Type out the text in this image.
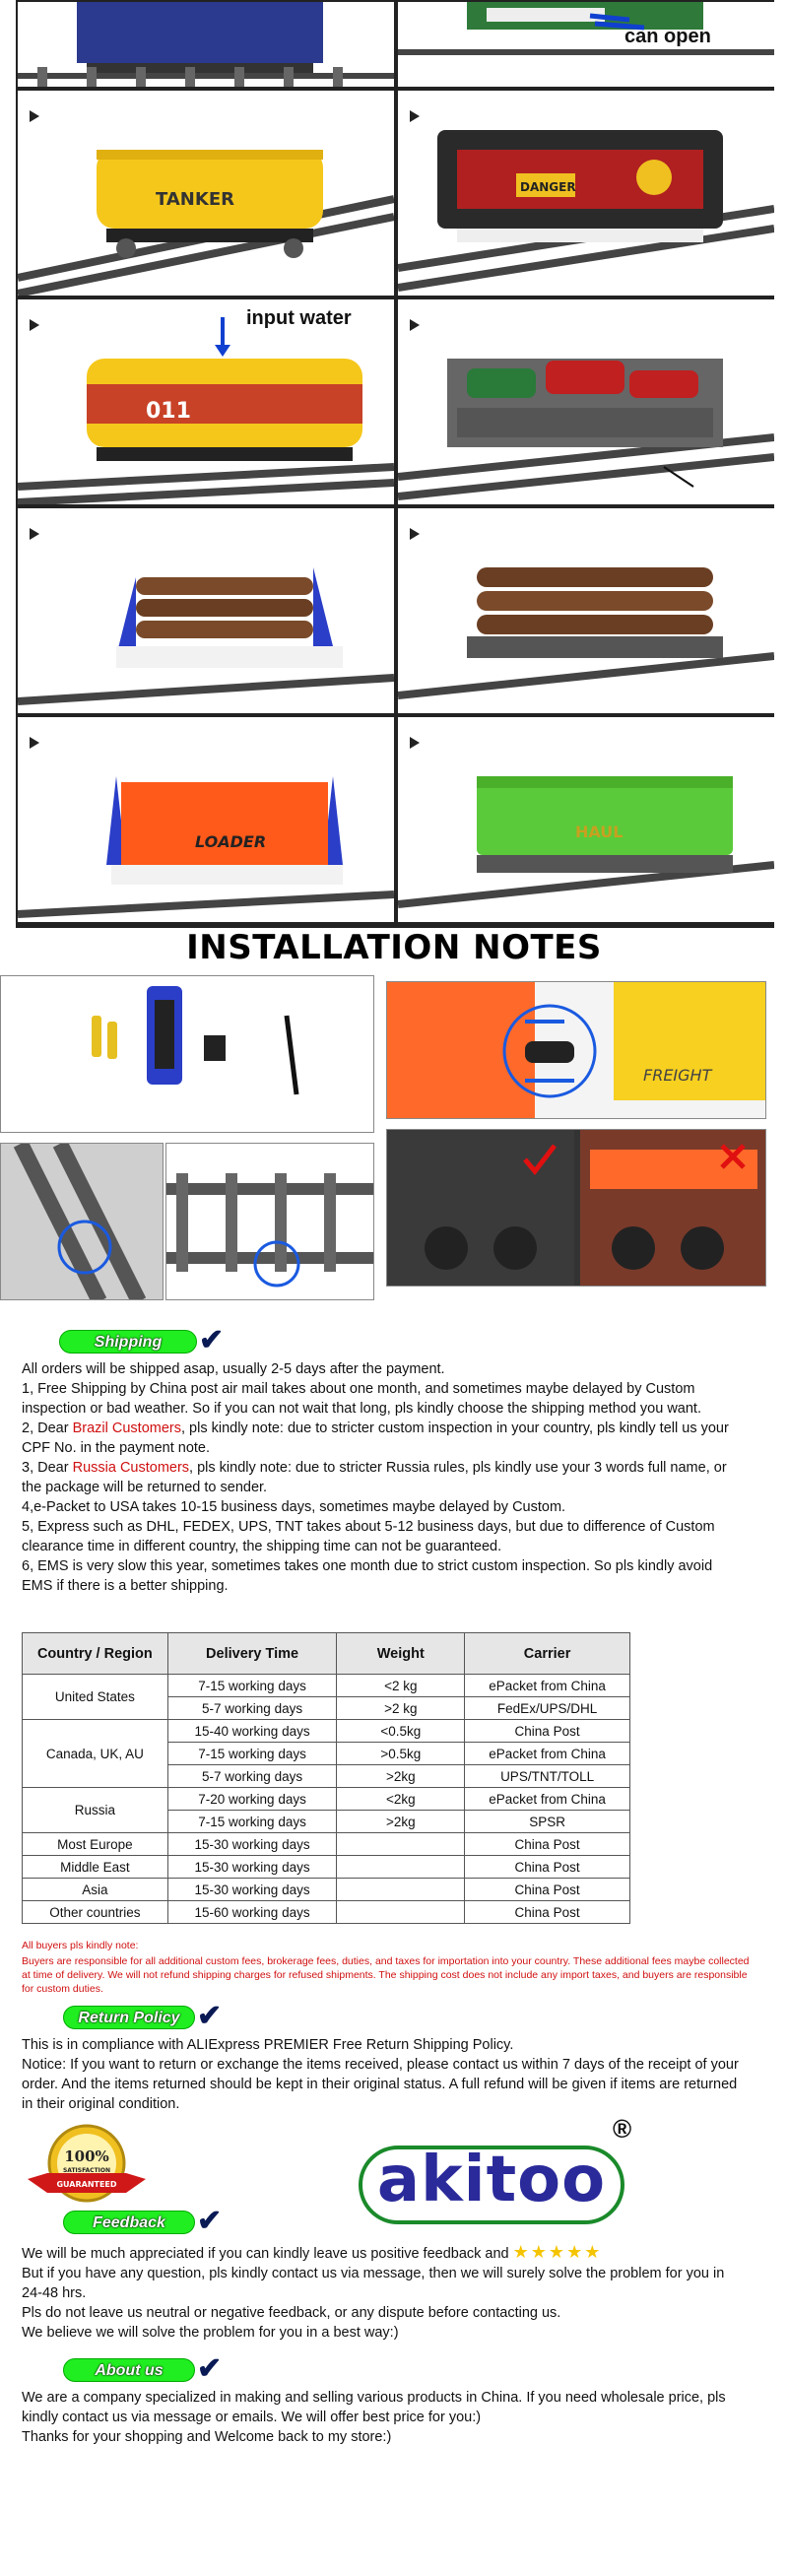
can open
TANKER
DANGER
011
input water
LOADER
HAUL
INSTALLATION NOTES
FREIGHT
Shipping	✔

All orders will be shipped asap, usually 2-5 days after the payment.

1, Free Shipping by China post air mail takes about one month, and sometimes maybe delayed by Custom inspection or bad weather. So if you can not wait that long, pls kindly choose the shipping method you want.

2, Dear Brazil Customers, pls kindly note: due to stricter custom inspection in your country, pls kindly tell us your CPF No. in the payment note.

3, Dear Russia Customers, pls kindly note: due to stricter Russia rules, pls kindly use your 3 words full name, or the package will be returned to sender.

4,e-Packet to USA takes 10-15 business days, sometimes maybe delayed by Custom.

5, Express such as DHL, FEDEX, UPS, TNT takes about 5-12 business days, but due to difference of Custom clearance time in different country, the shipping time can not be guaranteed.

6, EMS is very slow this year, sometimes takes one month due to strict custom inspection. So pls kindly avoid EMS if there is a better shipping.

Country / Region	Delivery Time	Weight	Carrier
United States	7-15 working days	<2 kg	ePacket from China
	5-7 working days	>2 kg	FedEx/UPS/DHL
Canada, UK, AU	15-40 working days	<0.5kg	China Post
	7-15 working days	>0.5kg	ePacket from China
	5-7 working days	>2kg	UPS/TNT/TOLL
Russia	7-20 working days	<2kg	ePacket from China
	7-15 working days	>2kg	SPSR
Most Europe	15-30 working days		China Post
Middle East	15-30 working days		China Post
Asia	15-30 working days		China Post
Other countries	15-60 working days		China Post
All buyers pls kindly note:
Buyers are responsible for all additional custom fees, brokerage fees, duties, and taxes for importation into your country. These additional fees maybe collected at time of delivery. We will not refund shipping charges for refused shipments. The shipping cost does not include any import taxes, and buyers are responsible for custom duties.
Return Policy ✔

This is in compliance with ALIExpress PREMIER Free Return Shipping Policy.

Notice: If you want to return or exchange the items received, please contact us within 7 days of the receipt of your order. And the items returned should be kept in their original status. A full refund will be given if items are returned in their original condition.

100%
SATISFACTION
GUARANTEED	akitoo
®
Feedback	✔

We will be much appreciated if you can kindly leave us positive feedback and ★★★★★

But if you have any question, pls kindly contact us via message, then we will surely solve the problem for you in 24-48 hrs.

Pls do not leave us neutral or negative feedback, or any dispute before contacting us.

We believe we will solve the problem for you in a best way:)

About us	✔

We are a company specialized in making and selling various products in China. If you need wholesale price, pls kindly contact us via message or emails. We will offer best price for you:)

Thanks for your shopping and Welcome back to my store:)
